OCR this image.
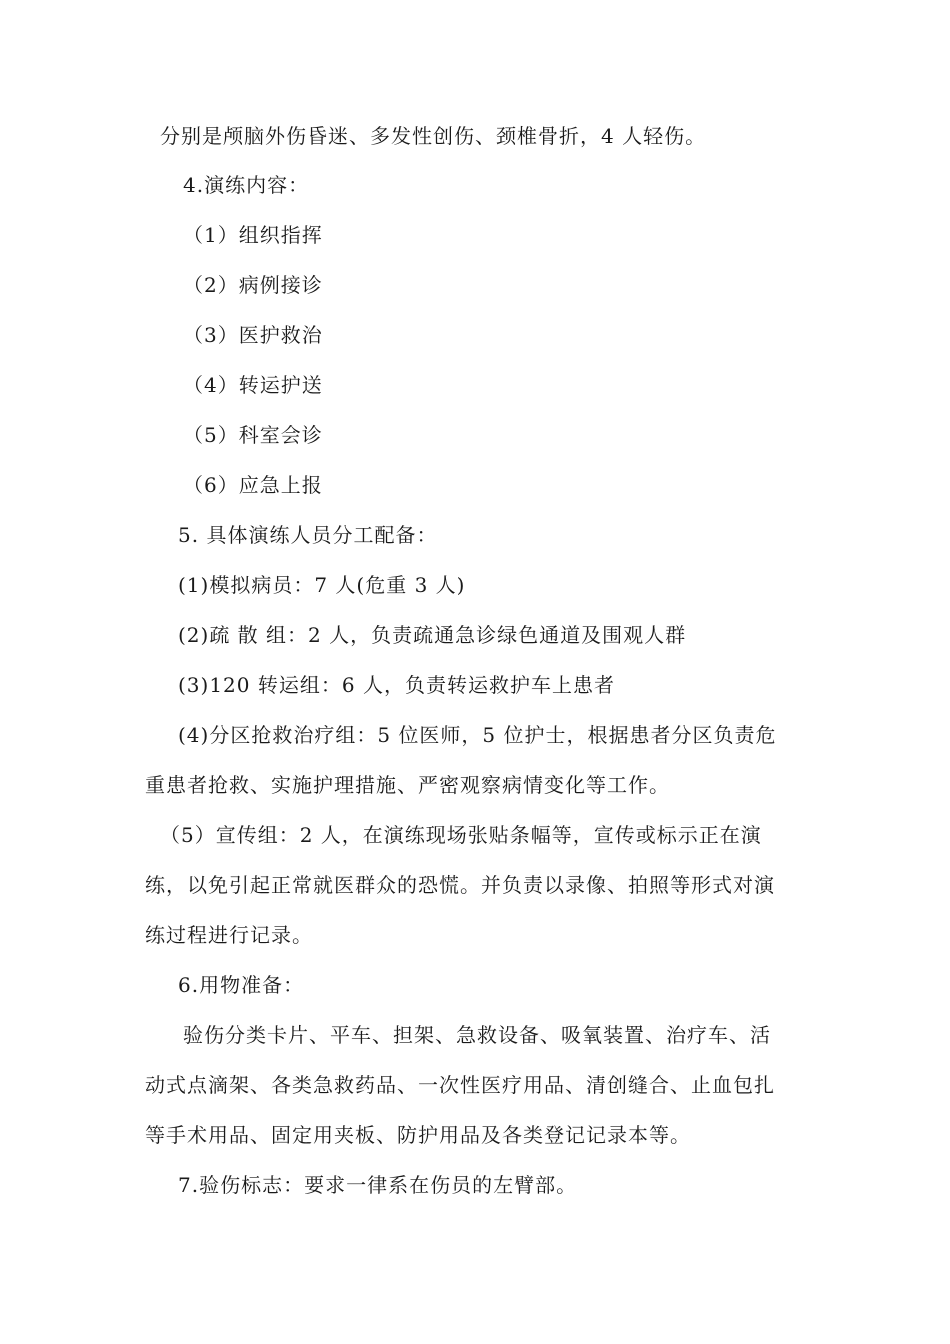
分别是颅脑外伤昏迷、多发性创伤、颈椎骨折，4 人轻伤。
4.演练内容：
（1）组织指挥
（2）病例接诊
（3）医护救治
（4）转运护送
（5）科室会诊
（6）应急上报
5. 具体演练人员分工配备：
(1)模拟病员：7 人(危重 3 人)
(2)疏 散 组：2 人，负责疏通急诊绿色通道及围观人群
(3)120 转运组：6 人，负责转运救护车上患者
(4)分区抢救治疗组：5 位医师，5 位护士，根据患者分区负责危
重患者抢救、实施护理措施、严密观察病情变化等工作。
（5）宣传组：2 人，在演练现场张贴条幅等，宣传或标示正在演
练，以免引起正常就医群众的恐慌。并负责以录像、拍照等形式对演
练过程进行记录。
6.用物准备：
验伤分类卡片、平车、担架、急救设备、吸氧装置、治疗车、活
动式点滴架、各类急救药品、一次性医疗用品、清创缝合、止血包扎
等手术用品、固定用夹板、防护用品及各类登记记录本等。
7.验伤标志：要求一律系在伤员的左臂部。
